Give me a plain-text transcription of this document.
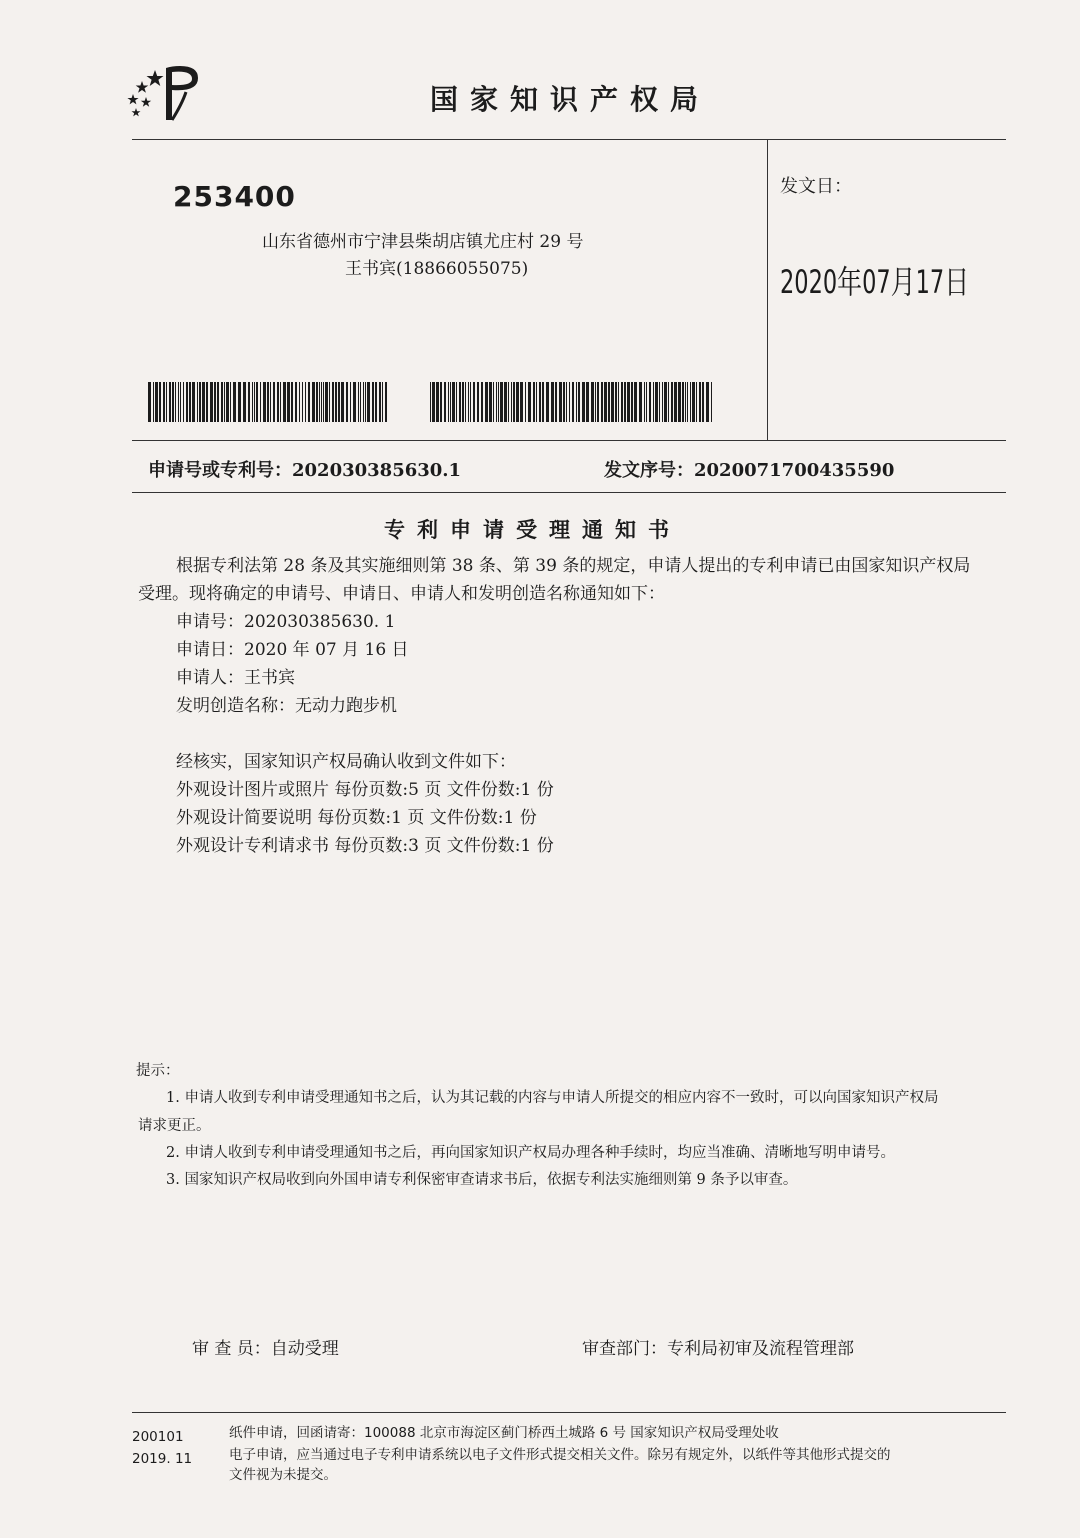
国家知识产权局
253400
山东省德州市宁津县柴胡店镇尤庄村 29 号
王书宾(18866055075)
发文日：
2020年07月17日
申请号或专利号：202030385630.1	发文序号：2020071700435590
专利申请受理通知书
根据专利法第 28 条及其实施细则第 38 条、第 39 条的规定，申请人提出的专利申请已由国家知识产权局
受理。现将确定的申请号、申请日、申请人和发明创造名称通知如下：
申请号：202030385630. 1
申请日：2020 年 07 月 16 日
申请人：王书宾
发明创造名称：无动力跑步机
经核实，国家知识产权局确认收到文件如下：
外观设计图片或照片 每份页数:5 页 文件份数:1 份
外观设计简要说明 每份页数:1 页 文件份数:1 份
外观设计专利请求书 每份页数:3 页 文件份数:1 份
提示：
1. 申请人收到专利申请受理通知书之后，认为其记载的内容与申请人所提交的相应内容不一致时，可以向国家知识产权局
请求更正。
2. 申请人收到专利申请受理通知书之后，再向国家知识产权局办理各种手续时，均应当准确、清晰地写明申请号。
3. 国家知识产权局收到向外国申请专利保密审查请求书后，依据专利法实施细则第 9 条予以审查。
审 查 员：自动受理	审查部门：专利局初审及流程管理部
200101
2019. 11
纸件申请，回函请寄：100088 北京市海淀区蓟门桥西土城路 6 号 国家知识产权局受理处收
电子申请，应当通过电子专利申请系统以电子文件形式提交相关文件。除另有规定外，以纸件等其他形式提交的
文件视为未提交。
